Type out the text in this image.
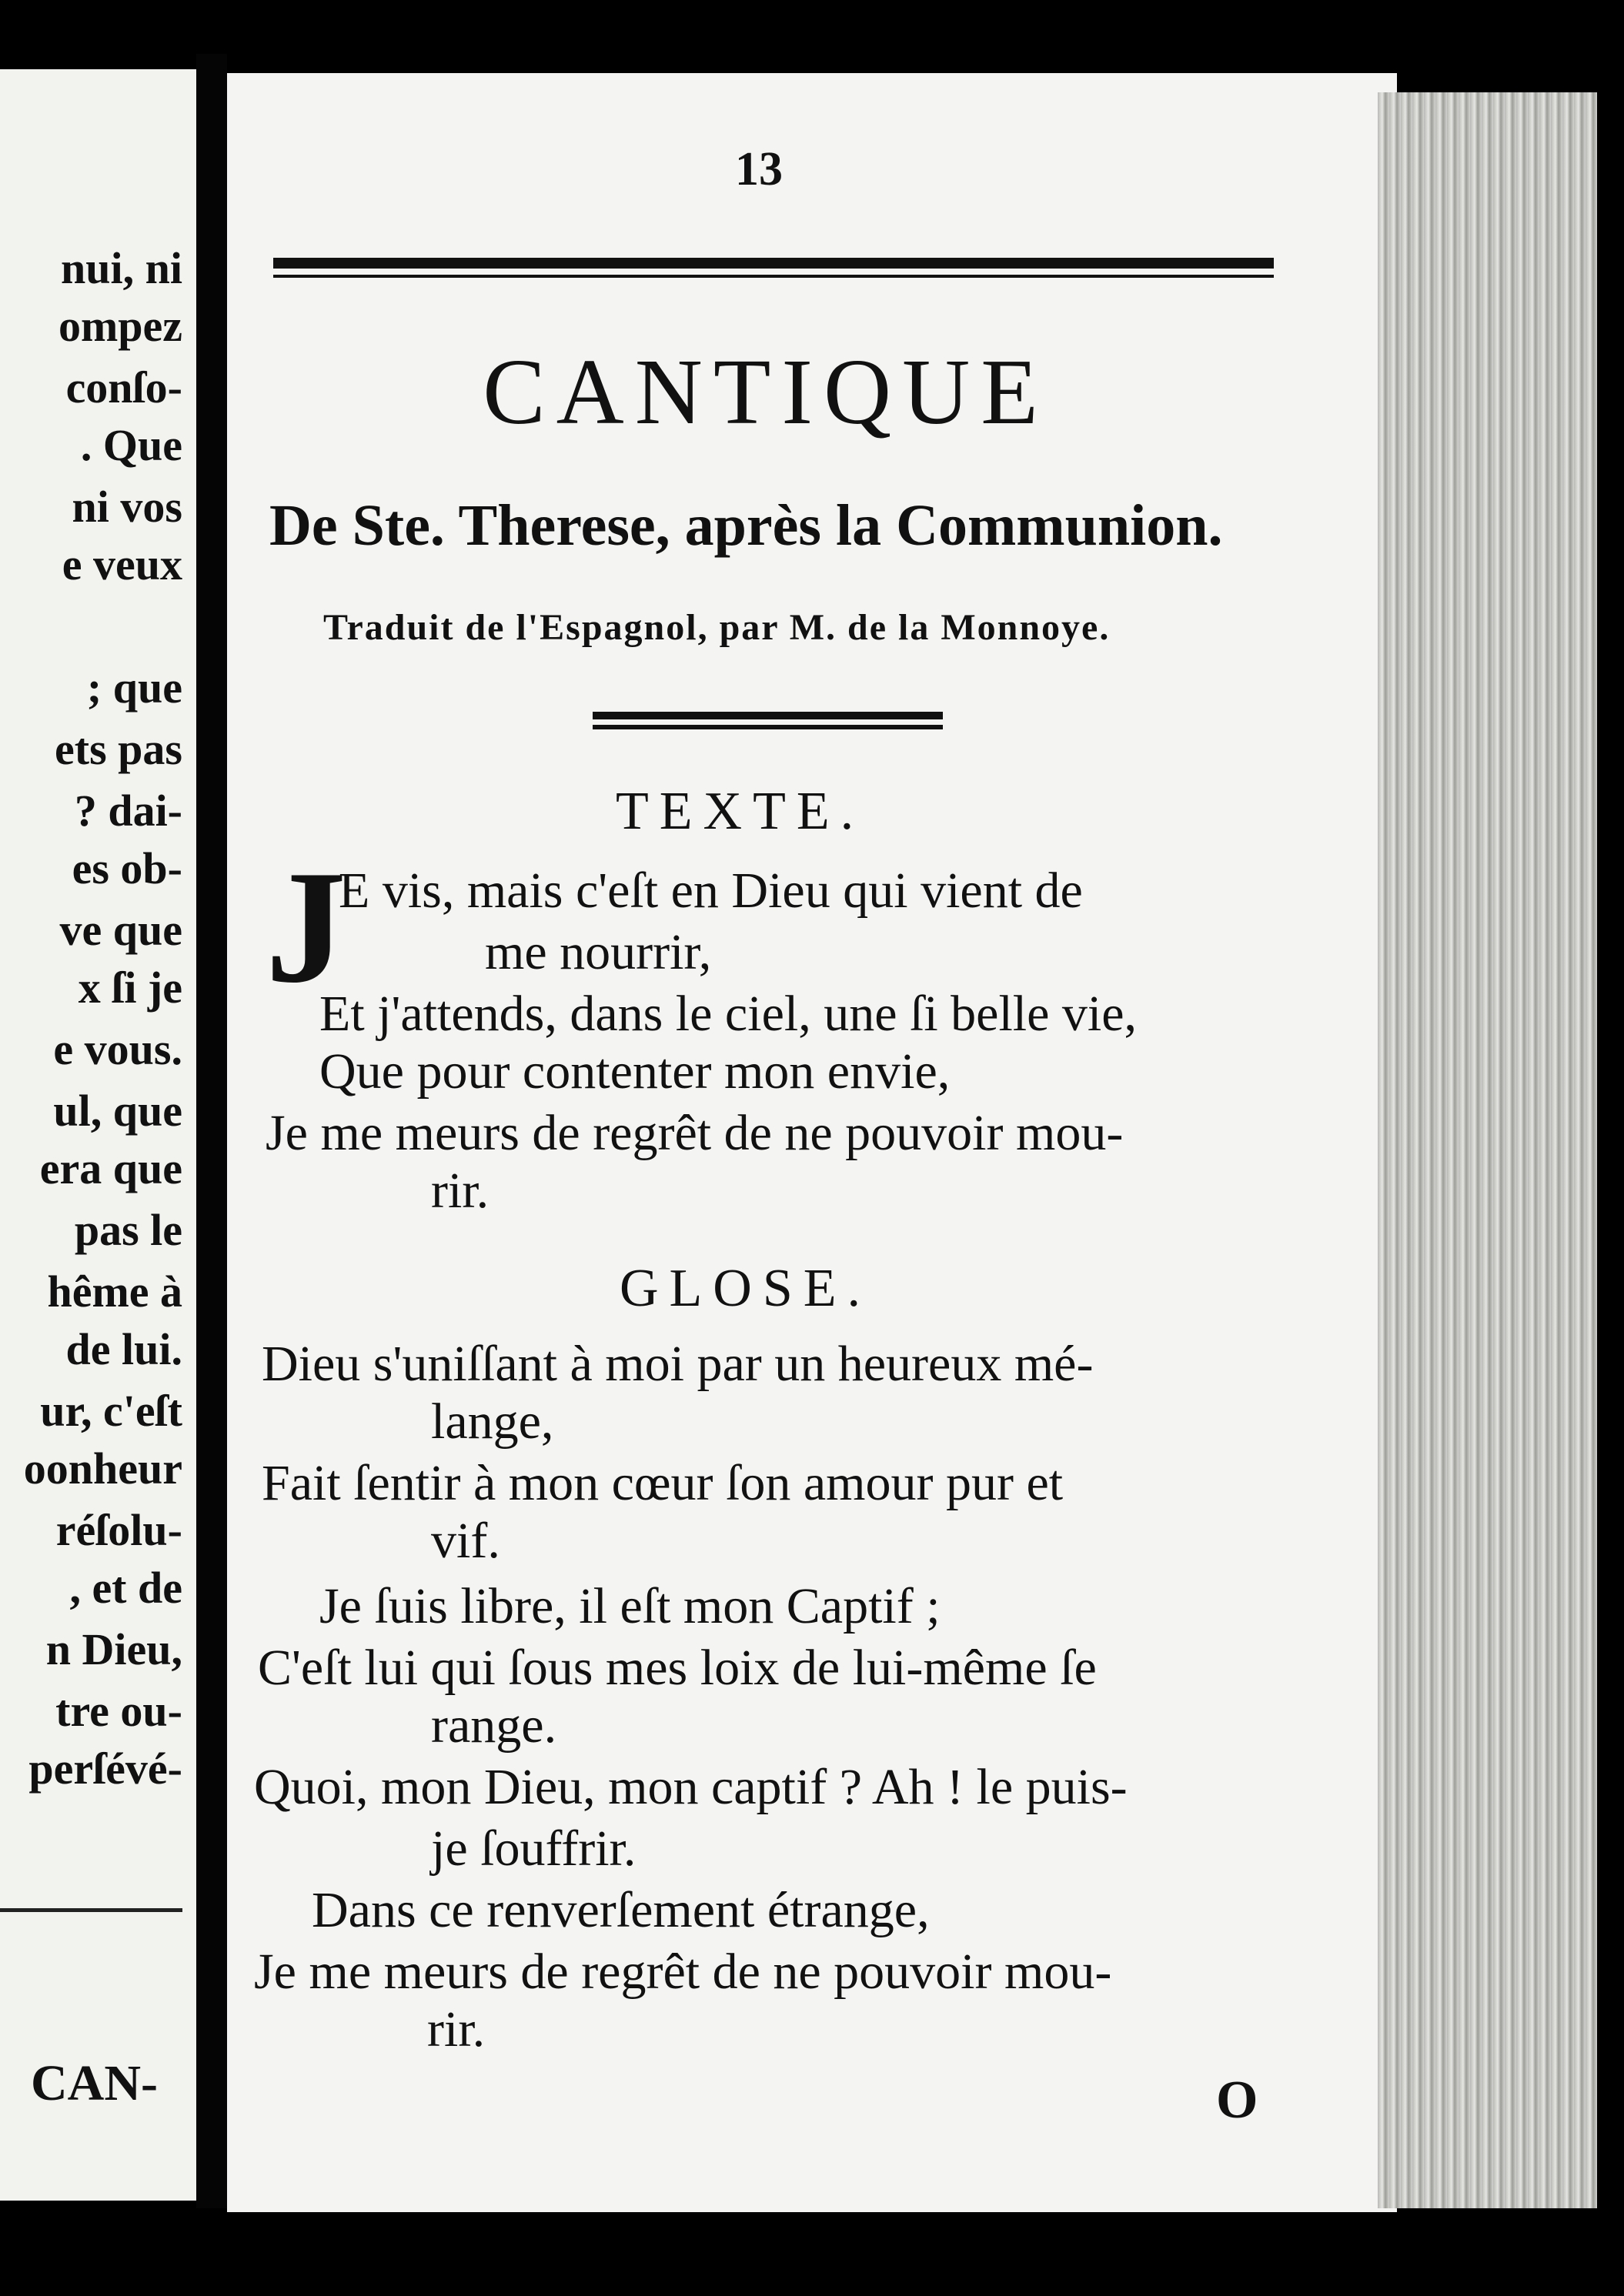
nui, ni
ompez
conſo-
. Que
ni vos
e veux
; que
ets pas
? dai-
es ob-
ve que
x ſi je
e vous.
ul, que
era que
pas le
hême à
de lui.
ur, c'eſt
oonheur
réſolu-
, et de
n Dieu,
tre ou-
perſévé-
CAN-
13
CANTIQUE
De Ste. Therese, après la Communion.
Traduit de l'Espagnol, par M. de la Monnoye.
TEXTE.
J
E vis, mais c'eſt en Dieu qui vient de
me nourrir,
Et j'attends, dans le ciel, une ſi belle vie,
Que pour contenter mon envie,
Je me meurs de regrêt de ne pouvoir mou-
rir.
GLOSE.
Dieu s'uniſſant à moi par un heureux mé-
lange,
Fait ſentir à mon cœur ſon amour pur et
vif.
Je ſuis libre, il eſt mon Captif ;
C'eſt lui qui ſous mes loix de lui-même ſe
range.
Quoi, mon Dieu, mon captif ? Ah ! le puis-
je ſouffrir.
Dans ce renverſement étrange,
Je me meurs de regrêt de ne pouvoir mou-
rir.
O
